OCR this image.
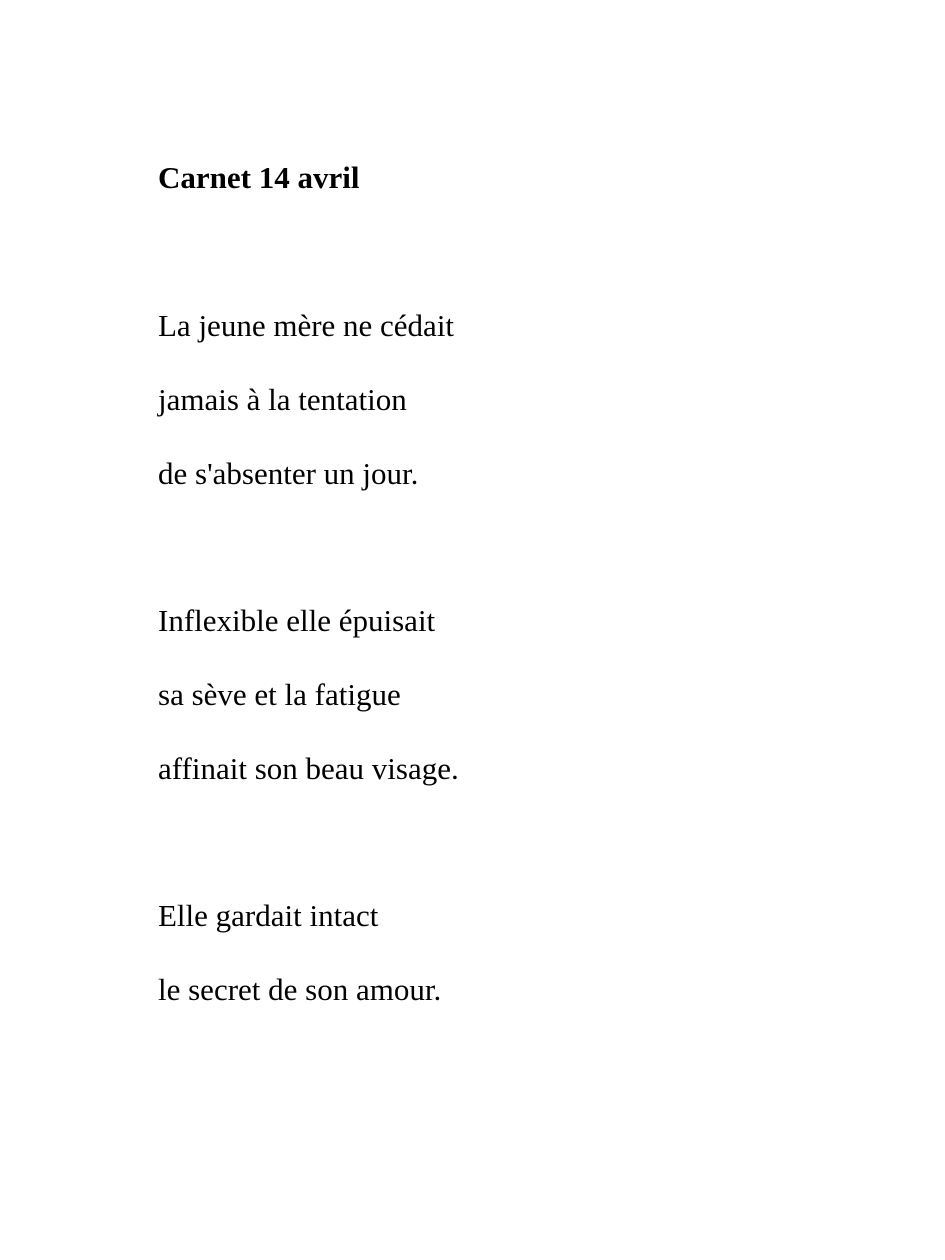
Carnet 14 avril

La jeune mère ne cédait

jamais à la tentation

de s'absenter un jour.

Inflexible elle épuisait

sa sève et la fatigue

affinait son beau visage.

Elle gardait intact

le secret de son amour.
